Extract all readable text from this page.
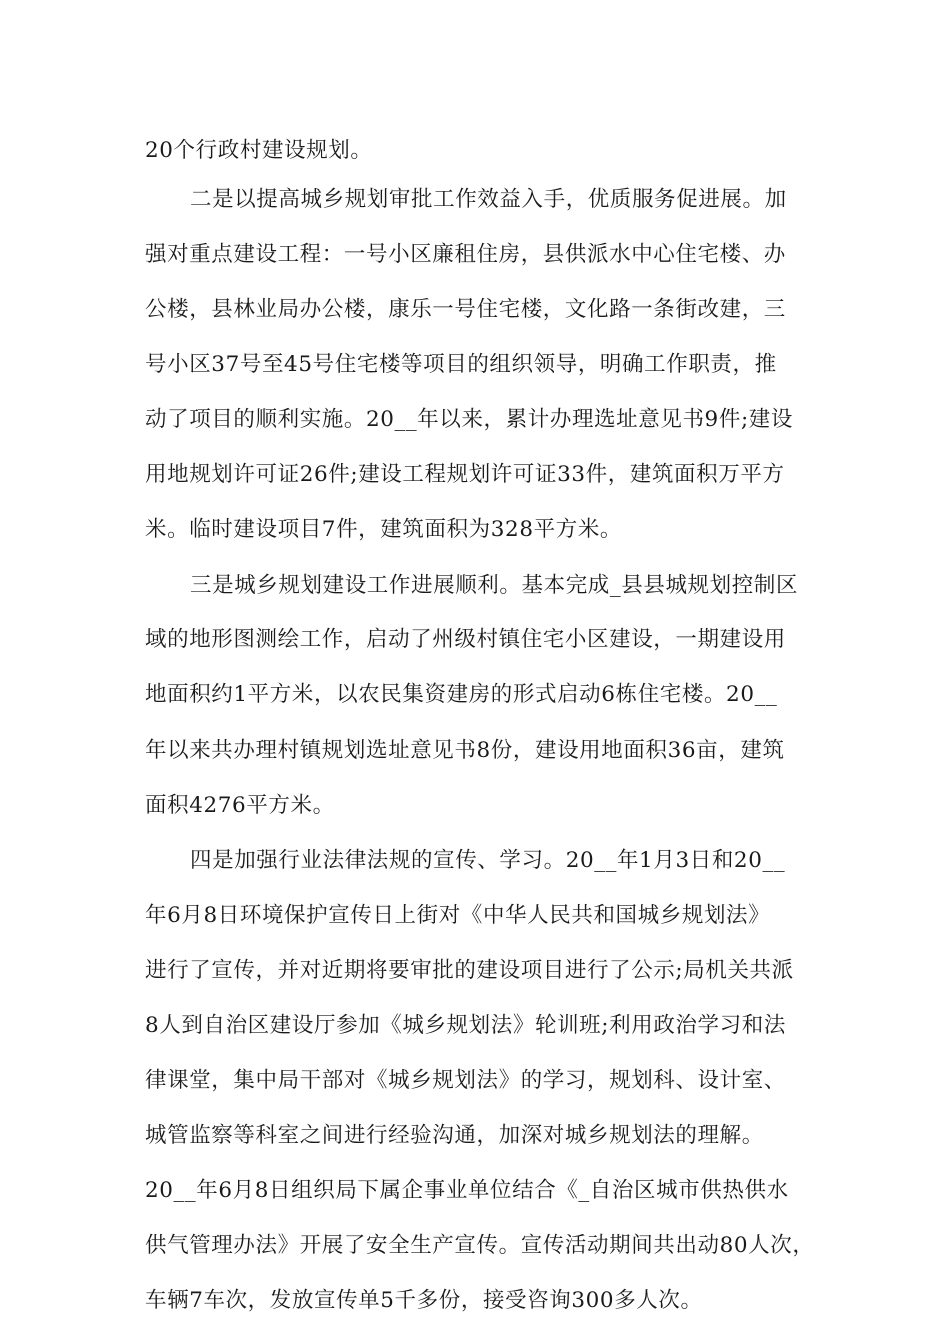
20个行政村建设规划。
二是以提高城乡规划审批工作效益入手，优质服务促进展。加
强对重点建设工程：一号小区廉租住房，县供派水中心住宅楼、办
公楼，县林业局办公楼，康乐一号住宅楼，文化路一条街改建，三
号小区37号至45号住宅楼等项目的组织领导，明确工作职责，推
动了项目的顺利实施。20__年以来，累计办理选址意见书9件;建设
用地规划许可证26件;建设工程规划许可证33件，建筑面积万平方
米。临时建设项目7件，建筑面积为328平方米。
三是城乡规划建设工作进展顺利。基本完成_县县城规划控制区
域的地形图测绘工作，启动了州级村镇住宅小区建设，一期建设用
地面积约1平方米，以农民集资建房的形式启动6栋住宅楼。20__
年以来共办理村镇规划选址意见书8份，建设用地面积36亩，建筑
面积4276平方米。
四是加强行业法律法规的宣传、学习。20__年1月3日和20__
年6月8日环境保护宣传日上街对《中华人民共和国城乡规划法》
进行了宣传，并对近期将要审批的建设项目进行了公示;局机关共派
8人到自治区建设厅参加《城乡规划法》轮训班;利用政治学习和法
律课堂，集中局干部对《城乡规划法》的学习，规划科、设计室、
城管监察等科室之间进行经验沟通，加深对城乡规划法的理解。
20__年6月8日组织局下属企事业单位结合《_自治区城市供热供水
供气管理办法》开展了安全生产宣传。宣传活动期间共出动80人次，
车辆7车次，发放宣传单5千多份，接受咨询300多人次。
